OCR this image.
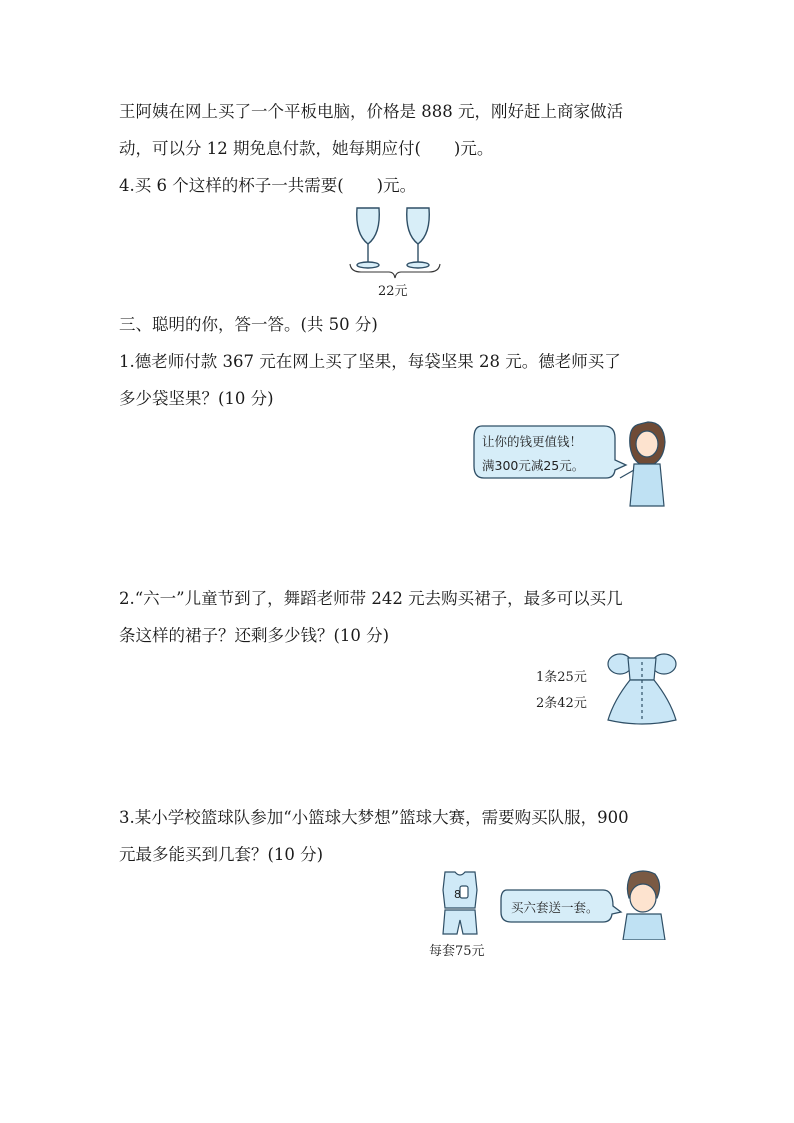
王阿姨在网上买了一个平板电脑，价格是 888 元，刚好赶上商家做活
动，可以分 12 期免息付款，她每期应付(　　)元。
4.买 6 个这样的杯子一共需要(　　)元。
22元
三、聪明的你，答一答。(共 50 分)
1.德老师付款 367 元在网上买了坚果，每袋坚果 28 元。德老师买了
多少袋坚果？(10 分)
让你的钱更值钱！
满300元减25元。
2.“六一”儿童节到了，舞蹈老师带 242 元去购买裙子，最多可以买几
条这样的裙子？还剩多少钱？(10 分)
1条25元
2条42元
3.某小学校篮球队参加“小篮球大梦想”篮球大赛，需要购买队服，900
元最多能买到几套？(10 分)
8
每套75元
买六套送一套。
